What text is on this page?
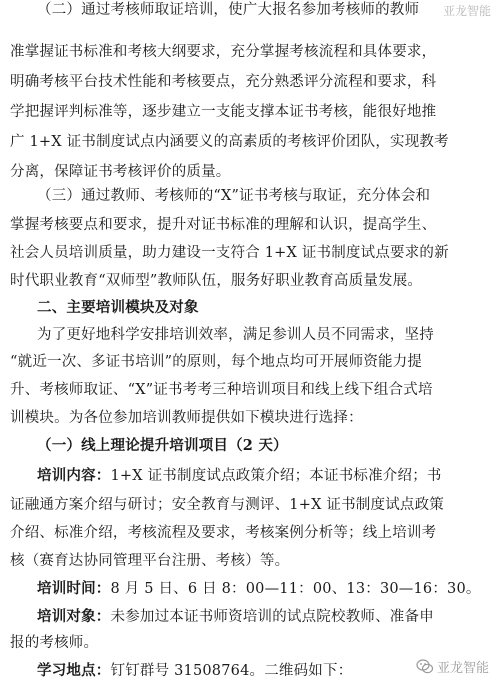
亚龙智能
（二）通过考核师取证培训，使广大报名参加考核师的教师
准掌握证书标准和考核大纲要求，充分掌握考核流程和具体要求，
明确考核平台技术性能和考核要点，充分熟悉评分流程和要求，科
学把握评判标准等，逐步建立一支能支撑本证书考核，能很好地推
广 1+X 证书制度试点内涵要义的高素质的考核评价团队，实现教考
分离，保障证书考核评价的质量。
（三）通过教师、考核师的“X”证书考核与取证，充分体会和
掌握考核要点和要求，提升对证书标准的理解和认识，提高学生、
社会人员培训质量，助力建设一支符合 1+X 证书制度试点要求的新
时代职业教育“双师型”教师队伍，服务好职业教育高质量发展。
二、主要培训模块及对象
为了更好地科学安排培训效率，满足参训人员不同需求，坚持
“就近一次、多证书培训”的原则，每个地点均可开展师资能力提
升、考核师取证、“X”证书考考三种培训项目和线上线下组合式培
训模块。为各位参加培训教师提供如下模块进行选择：
（一）线上理论提升培训项目（2 天）
培训内容：1+X 证书制度试点政策介绍；本证书标准介绍；书
证融通方案介绍与研讨；安全教育与测评、1+X 证书制度试点政策
介绍、标准介绍，考核流程及要求，考核案例分析等；线上培训考
核（赛育达协同管理平台注册、考核）等。
培训时间：8 月 5 日、6 日 8：00—11：00、13：30—16：30。
培训对象：未参加过本证书师资培训的试点院校教师、准备申
报的考核师。
学习地点：钉钉群号 31508764。二维码如下：	亚龙智能
